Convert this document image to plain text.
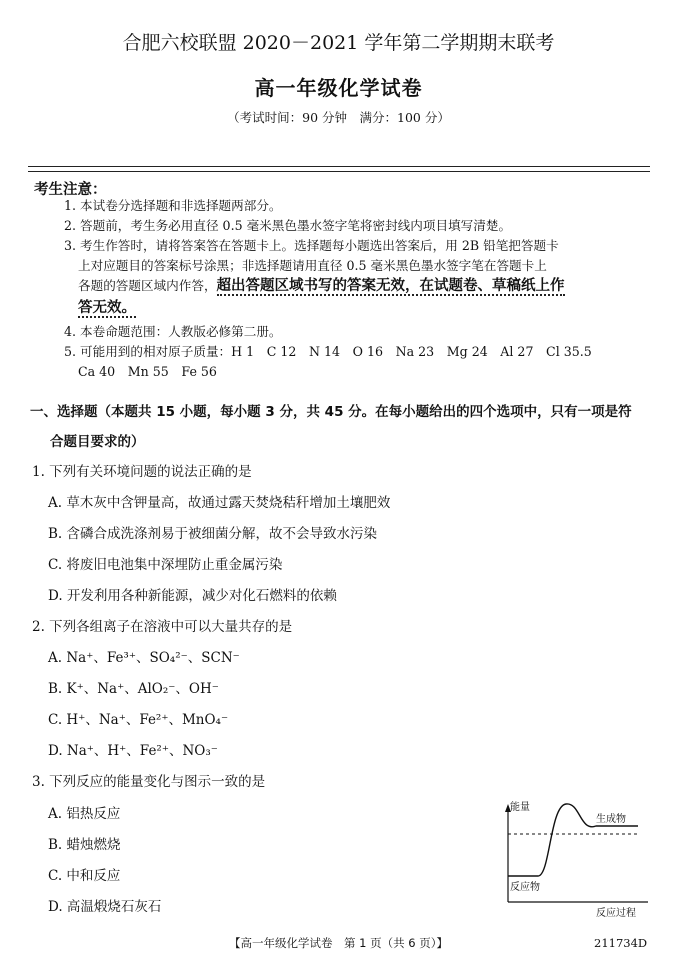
合肥六校联盟 2020－2021 学年第二学期期末联考
高一年级化学试卷
（考试时间：90 分钟　满分：100 分）
考生注意：
1. 本试卷分选择题和非选择题两部分。
2. 答题前，考生务必用直径 0.5 毫米黑色墨水签字笔将密封线内项目填写清楚。
3. 考生作答时，请将答案答在答题卡上。选择题每小题选出答案后，用 2B 铅笔把答题卡
上对应题目的答案标号涂黑；非选择题请用直径 0.5 毫米黑色墨水签字笔在答题卡上
各题的答题区域内作答，超出答题区域书写的答案无效，在试题卷、草稿纸上作
答无效。
4. 本卷命题范围：人教版必修第二册。
5. 可能用到的相对原子质量：H 1　C 12　N 14　O 16　Na 23　Mg 24　Al 27　Cl 35.5
Ca 40　Mn 55　Fe 56
一、选择题（本题共 15 小题，每小题 3 分，共 45 分。在每小题给出的四个选项中，只有一项是符
合题目要求的）
1. 下列有关环境问题的说法正确的是
A. 草木灰中含钾量高，故通过露天焚烧秸秆增加土壤肥效
B. 含磷合成洗涤剂易于被细菌分解，故不会导致水污染
C. 将废旧电池集中深埋防止重金属污染
D. 开发利用各种新能源，减少对化石燃料的依赖
2. 下列各组离子在溶液中可以大量共存的是
A. Na⁺、Fe³⁺、SO₄²⁻、SCN⁻
B. K⁺、Na⁺、AlO₂⁻、OH⁻
C. H⁺、Na⁺、Fe²⁺、MnO₄⁻
D. Na⁺、H⁺、Fe²⁺、NO₃⁻
3. 下列反应的能量变化与图示一致的是
A. 铝热反应
B. 蜡烛燃烧
C. 中和反应
D. 高温煅烧石灰石
能量
反应过程
生成物
反应物
【高一年级化学试卷　第 1 页（共 6 页）】	211734D
